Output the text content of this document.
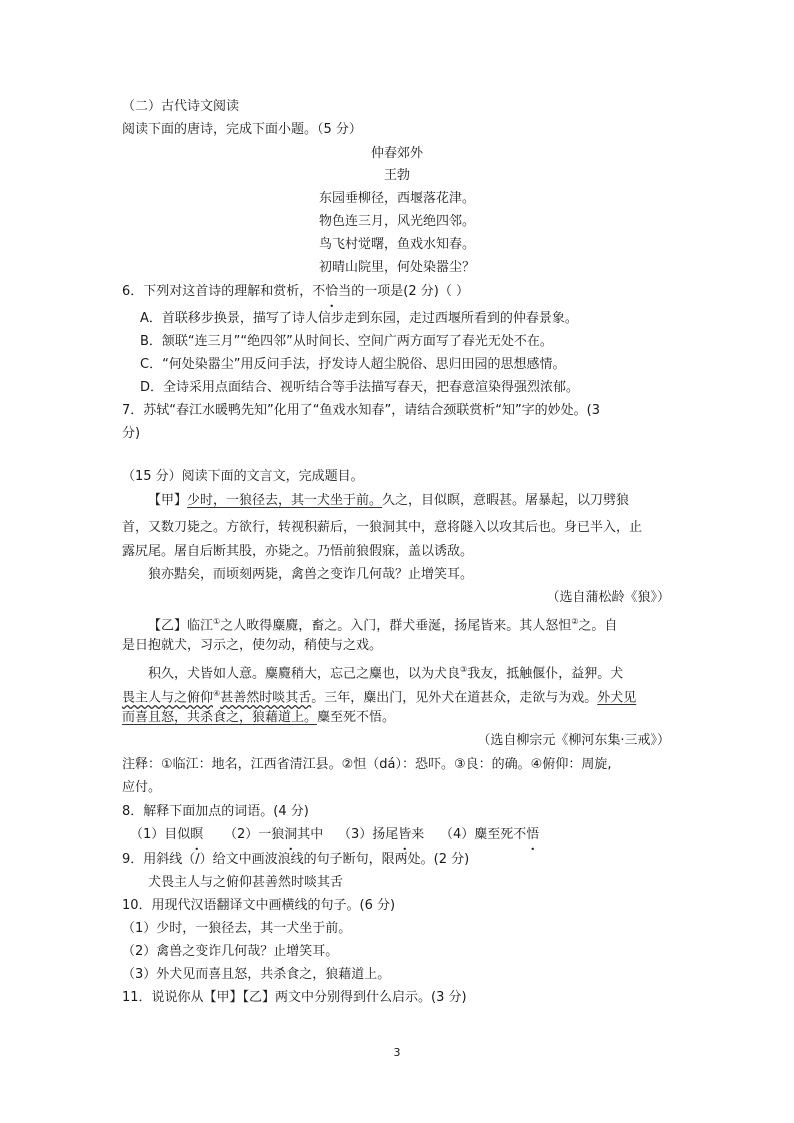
（二）古代诗文阅读
阅读下面的唐诗，完成下面小题。（5 分）
仲春郊外
王勃
东园垂柳径，西堰落花津。
物色连三月，风光绝四邻。
鸟飞村觉曙，鱼戏水知春。
初晴山院里，何处染嚣尘？
6．下列对这首诗的理解和赏析，不恰当的一项是(2 分)（ ）
A．首联移步换景，描写了诗人信步走到东园，走过西堰所看到的仲春景象。
B．颔联“连三月”“绝四邻”从时间长、空间广两方面写了春光无处不在。
C．“何处染嚣尘”用反问手法，抒发诗人超尘脱俗、思归田园的思想感情。
D．全诗采用点面结合、视听结合等手法描写春天，把春意渲染得强烈浓郁。
7．苏轼“春江水暖鸭先知”化用了“鱼戏水知春”，请结合颈联赏析“知”字的妙处。(3
分)
（15 分）阅读下面的文言文，完成题目。
【甲】少时，一狼径去，其一犬坐于前。久之，目似瞑，意暇甚。屠暴起，以刀劈狼
首，又数刀毙之。方欲行，转视积薪后，一狼洞其中，意将隧入以攻其后也。身已半入，止
露尻尾。屠自后断其股，亦毙之。乃悟前狼假寐，盖以诱敌。
狼亦黠矣，而顷刻两毙，禽兽之变诈几何哉？止增笑耳。
（选自蒲松龄《狼》）
【乙】临江①之人畋得麋麑，畜之。入门，群犬垂涎，扬尾皆来。其人怒怛②之。自
是日抱就犬，习示之，使勿动，稍使与之戏。
积久，犬皆如人意。麋麑稍大，忘己之麋也，以为犬良③我友，抵触偃仆，益狎。犬
畏主人与之俯仰④甚善然时啖其舌。三年，麋出门，见外犬在道甚众，走欲与为戏。外犬见
而喜且怒，共杀食之，狼藉道上。麋至死不悟。
（选自柳宗元《柳河东集·三戒》）
注释：①临江：地名，江西省清江县。②怛（dá）：恐吓。③良：的确。④俯仰：周旋,
应付。
8．解释下面加点的词语。(4 分)
（1）目似瞑 （2）一狼洞其中 （3）扬尾皆来 （4）麋至死不悟
9．用斜线（/）给文中画波浪线的句子断句，限两处。(2 分)
犬畏主人与之俯仰甚善然时啖其舌
10．用现代汉语翻译文中画横线的句子。(6 分)
（1）少时，一狼径去，其一犬坐于前。
（2）禽兽之变诈几何哉？止增笑耳。
（3）外犬见而喜且怒，共杀食之，狼藉道上。
11．说说你从【甲】【乙】两文中分别得到什么启示。(3 分)
3
